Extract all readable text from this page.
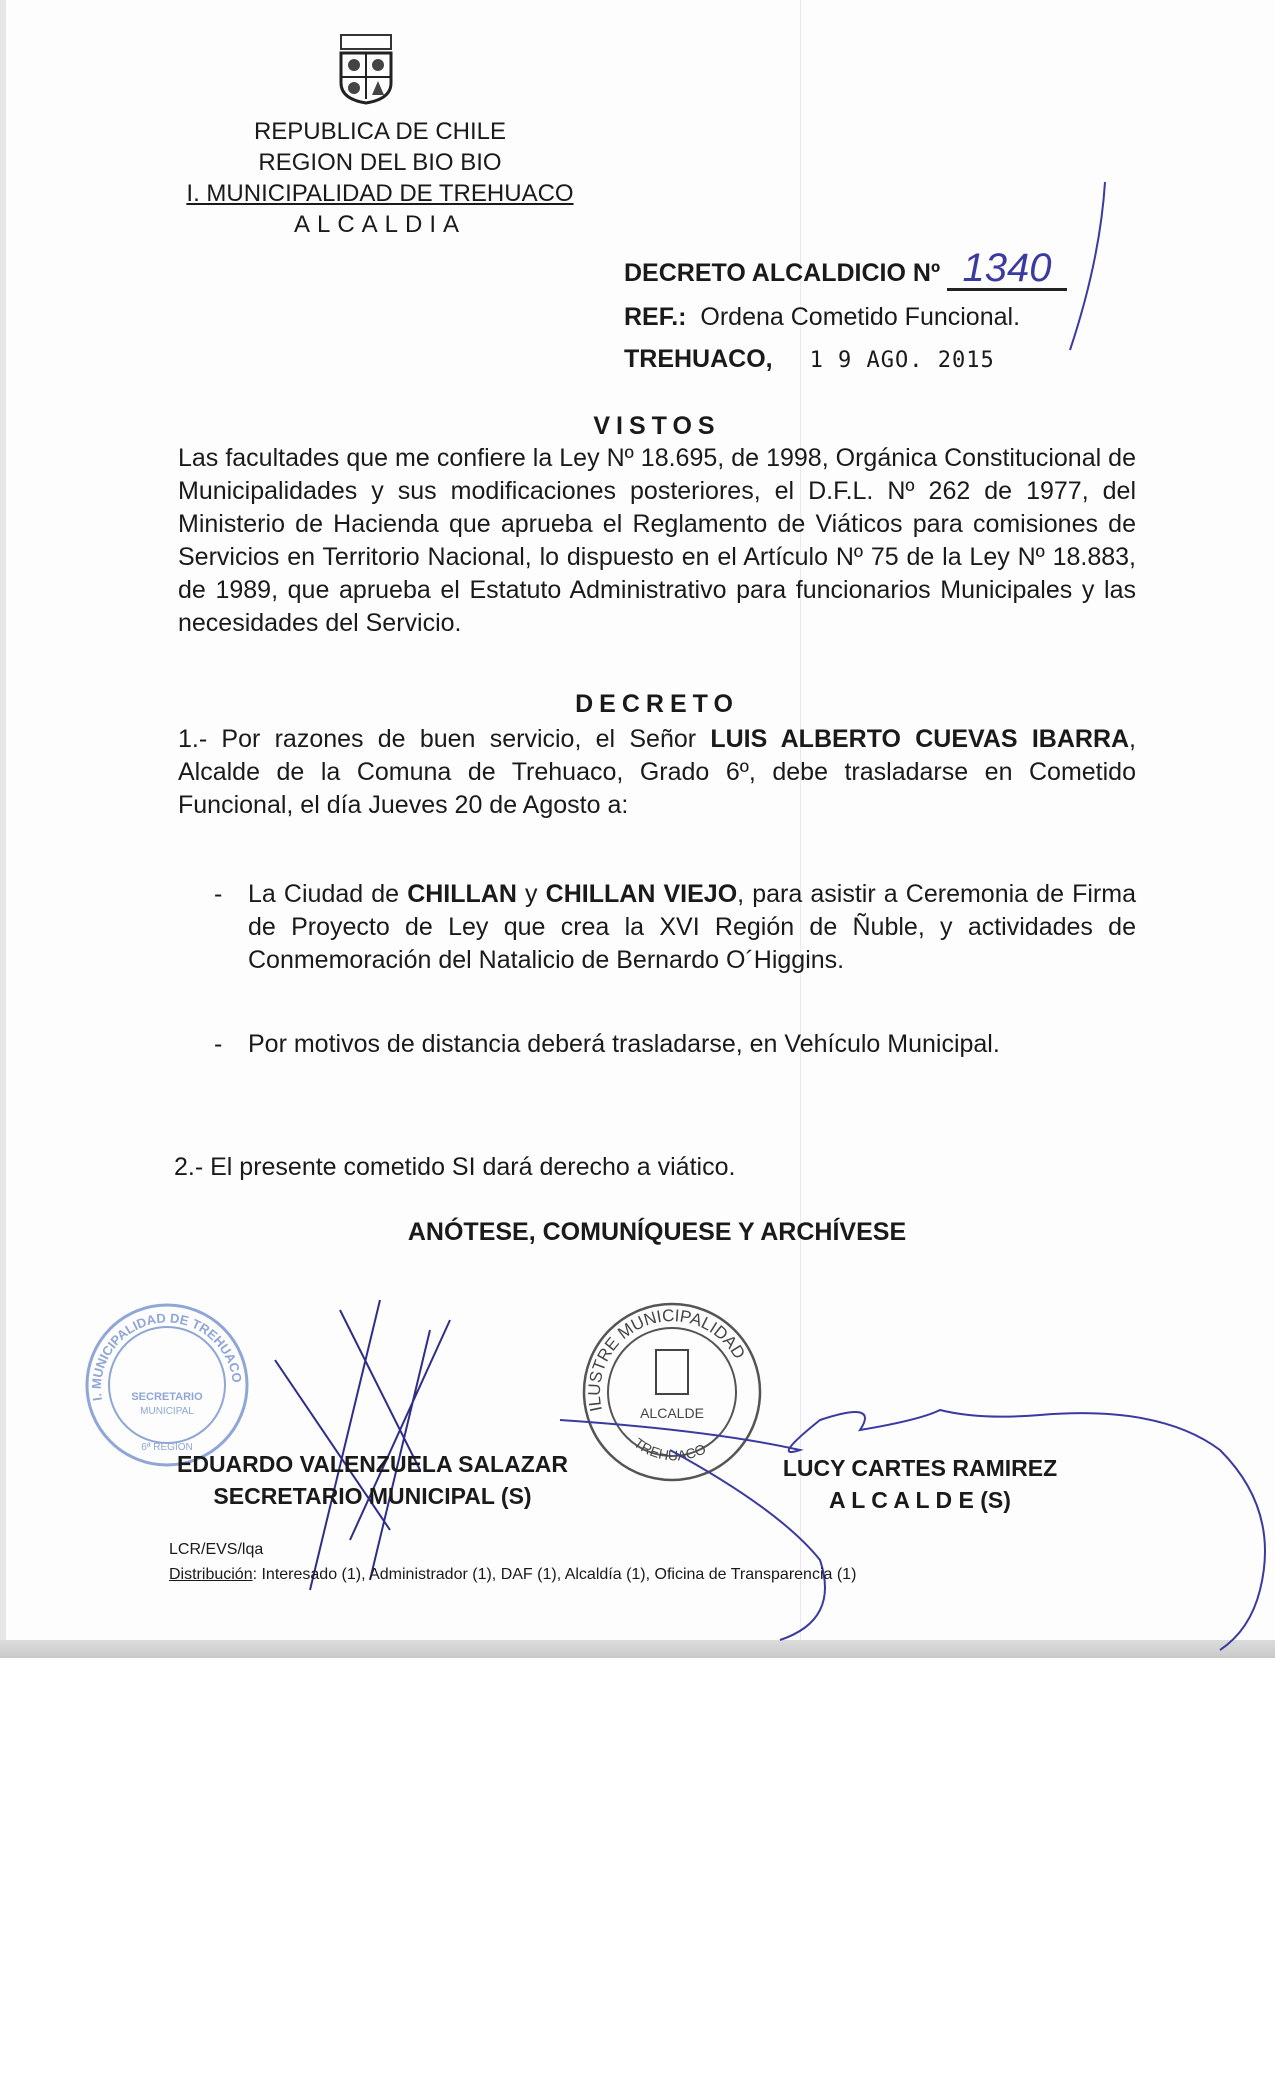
REPUBLICA DE CHILE
REGION DEL BIO BIO
I. MUNICIPALIDAD DE TREHUACO
ALCALDIA
DECRETO ALCALDICIO Nº 1340
REF.: Ordena Cometido Funcional.
TREHUACO, 1 9 AGO. 2015
VISTOS
Las facultades que me confiere la Ley Nº 18.695, de 1998, Orgánica Constitucional de Municipalidades y sus modificaciones posteriores, el D.F.L. Nº 262 de 1977, del Ministerio de Hacienda que aprueba el Reglamento de Viáticos para comisiones de Servicios en Territorio Nacional, lo dispuesto en el Artículo Nº 75 de la Ley Nº 18.883, de 1989, que aprueba el Estatuto Administrativo para funcionarios Municipales y las necesidades del Servicio.
DECRETO
1.- Por razones de buen servicio, el Señor LUIS ALBERTO CUEVAS IBARRA, Alcalde de la Comuna de Trehuaco, Grado 6º, debe trasladarse en Cometido Funcional, el día Jueves 20 de Agosto a:
-	La Ciudad de CHILLAN y CHILLAN VIEJO, para asistir a Ceremonia de Firma de Proyecto de Ley que crea la XVI Región de Ñuble, y actividades de Conmemoración del Natalicio de Bernardo O´Higgins.
-	Por motivos de distancia deberá trasladarse, en Vehículo Municipal.
2.- El presente cometido SI dará derecho a viático.
ANÓTESE, COMUNÍQUESE Y ARCHÍVESE
I. MUNICIPALIDAD DE TREHUACO
SECRETARIO
MUNICIPAL
6ª REGION
ILUSTRE MUNICIPALIDAD
ALCALDE
TREHUACO
EDUARDO VALENZUELA SALAZAR
SECRETARIO MUNICIPAL (S)
LUCY CARTES RAMIREZ
A L C A L D E (S)
LCR/EVS/lqa
Distribución: Interesado (1), Administrador (1), DAF (1), Alcaldía (1), Oficina de Transparencia (1)
